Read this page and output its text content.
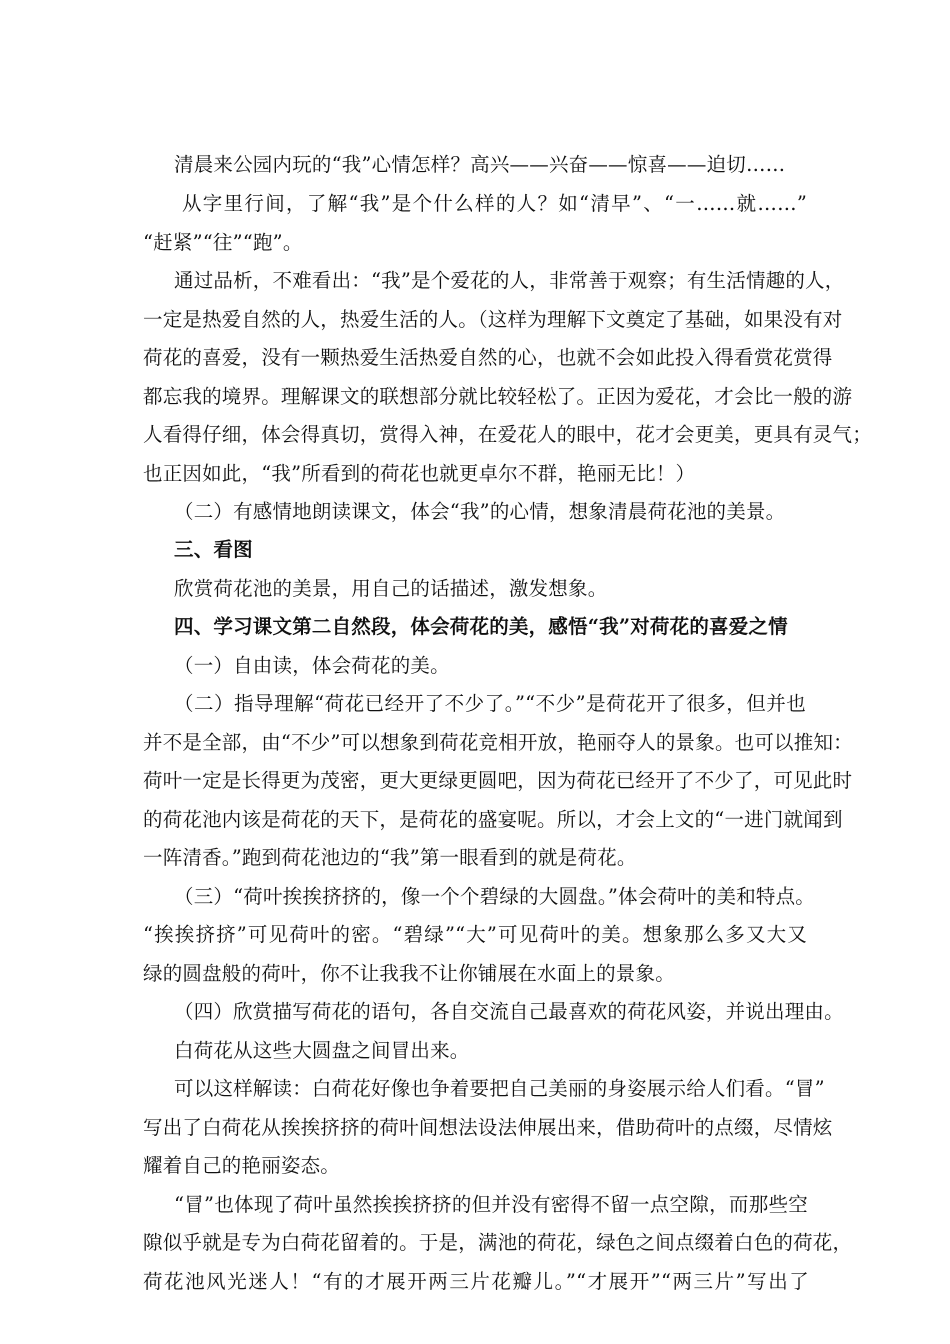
清晨来公园内玩的“我”心情怎样？高兴——兴奋——惊喜——迫切……
从字里行间，了解“我”是个什么样的人？如“清早”、“一……就……”
“赶紧”“往”“跑”。
通过品析，不难看出：“我”是个爱花的人，非常善于观察；有生活情趣的人，
一定是热爱自然的人，热爱生活的人。（这样为理解下文奠定了基础，如果没有对
荷花的喜爱，没有一颗热爱生活热爱自然的心，也就不会如此投入得看赏花赏得
都忘我的境界。理解课文的联想部分就比较轻松了。正因为爱花，才会比一般的游
人看得仔细，体会得真切，赏得入神，在爱花人的眼中，花才会更美，更具有灵气；
也正因如此，“我”所看到的荷花也就更卓尔不群，艳丽无比！）
（二）有感情地朗读课文，体会“我”的心情，想象清晨荷花池的美景。
三、看图
欣赏荷花池的美景，用自己的话描述，激发想象。
四、学习课文第二自然段，体会荷花的美，感悟“我”对荷花的喜爱之情
（一）自由读，体会荷花的美。
（二）指导理解“荷花已经开了不少了。”“不少”是荷花开了很多，但并也
并不是全部，由“不少”可以想象到荷花竞相开放，艳丽夺人的景象。也可以推知：
荷叶一定是长得更为茂密，更大更绿更圆吧，因为荷花已经开了不少了，可见此时
的荷花池内该是荷花的天下，是荷花的盛宴呢。所以，才会上文的“一进门就闻到
一阵清香。”跑到荷花池边的“我”第一眼看到的就是荷花。
（三）“荷叶挨挨挤挤的，像一个个碧绿的大圆盘。”体会荷叶的美和特点。
“挨挨挤挤”可见荷叶的密。“碧绿”“大”可见荷叶的美。想象那么多又大又
绿的圆盘般的荷叶，你不让我我不让你铺展在水面上的景象。
（四）欣赏描写荷花的语句，各自交流自己最喜欢的荷花风姿，并说出理由。
白荷花从这些大圆盘之间冒出来。
可以这样解读：白荷花好像也争着要把自己美丽的身姿展示给人们看。“冒”
写出了白荷花从挨挨挤挤的荷叶间想法设法伸展出来，借助荷叶的点缀，尽情炫
耀着自己的艳丽姿态。
“冒”也体现了荷叶虽然挨挨挤挤的但并没有密得不留一点空隙，而那些空
隙似乎就是专为白荷花留着的。于是，满池的荷花，绿色之间点缀着白色的荷花，
荷花池风光迷人！“有的才展开两三片花瓣儿。”“才展开”“两三片”写出了
